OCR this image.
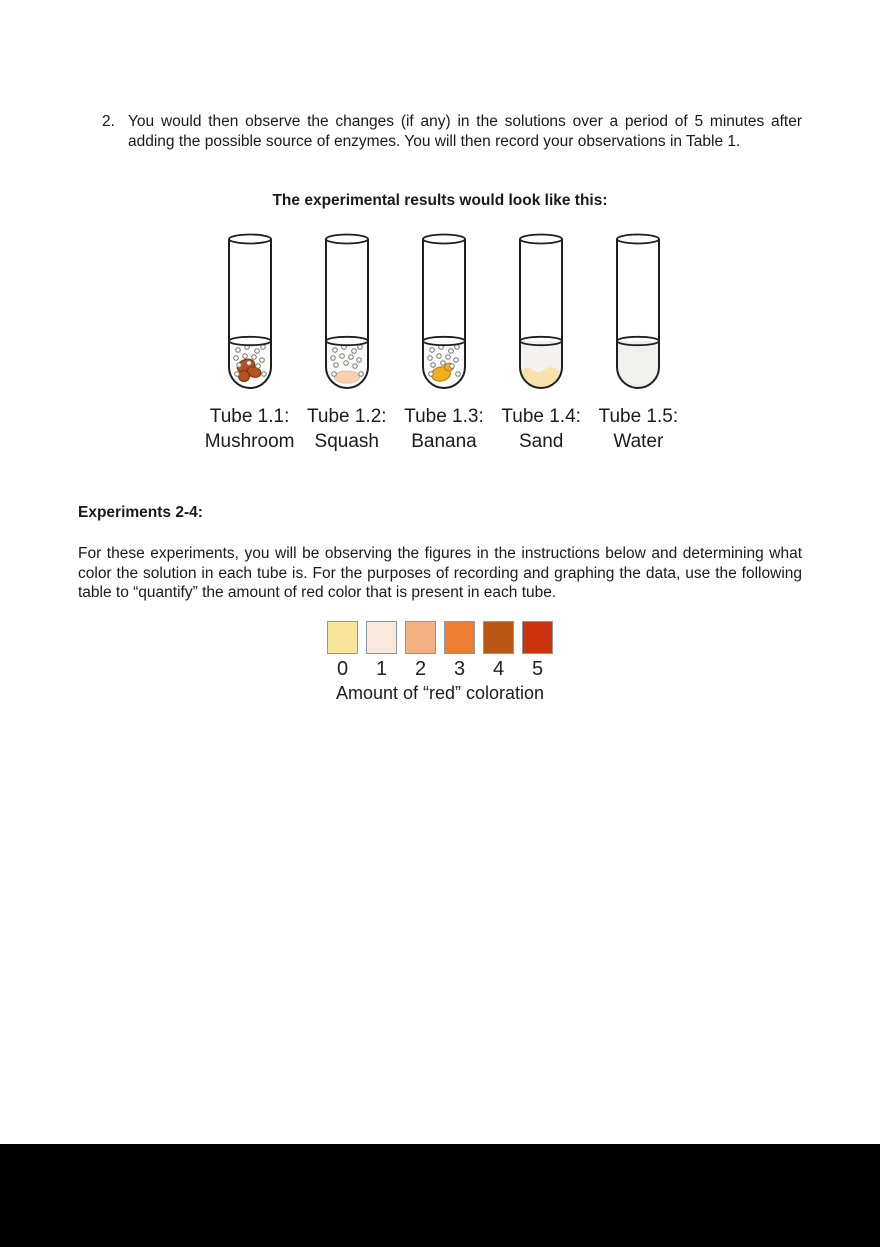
2. You would then observe the changes (if any) in the solutions over a period of 5 minutes after adding the possible source of enzymes. You will then record your observations in Table 1.
The experimental results would look like this:
Tube 1.1:
Mushroom
Tube 1.2:
Squash
Tube 1.3:
Banana
Tube 1.4:
Sand
Tube 1.5:
Water
Experiments 2-4:
For these experiments, you will be observing the figures in the instructions below and determining what color the solution in each tube is. For the purposes of recording and graphing the data, use the following table to “quantify” the amount of red color that is present in each tube.
0	1	2	3	4	5
Amount of “red” coloration
